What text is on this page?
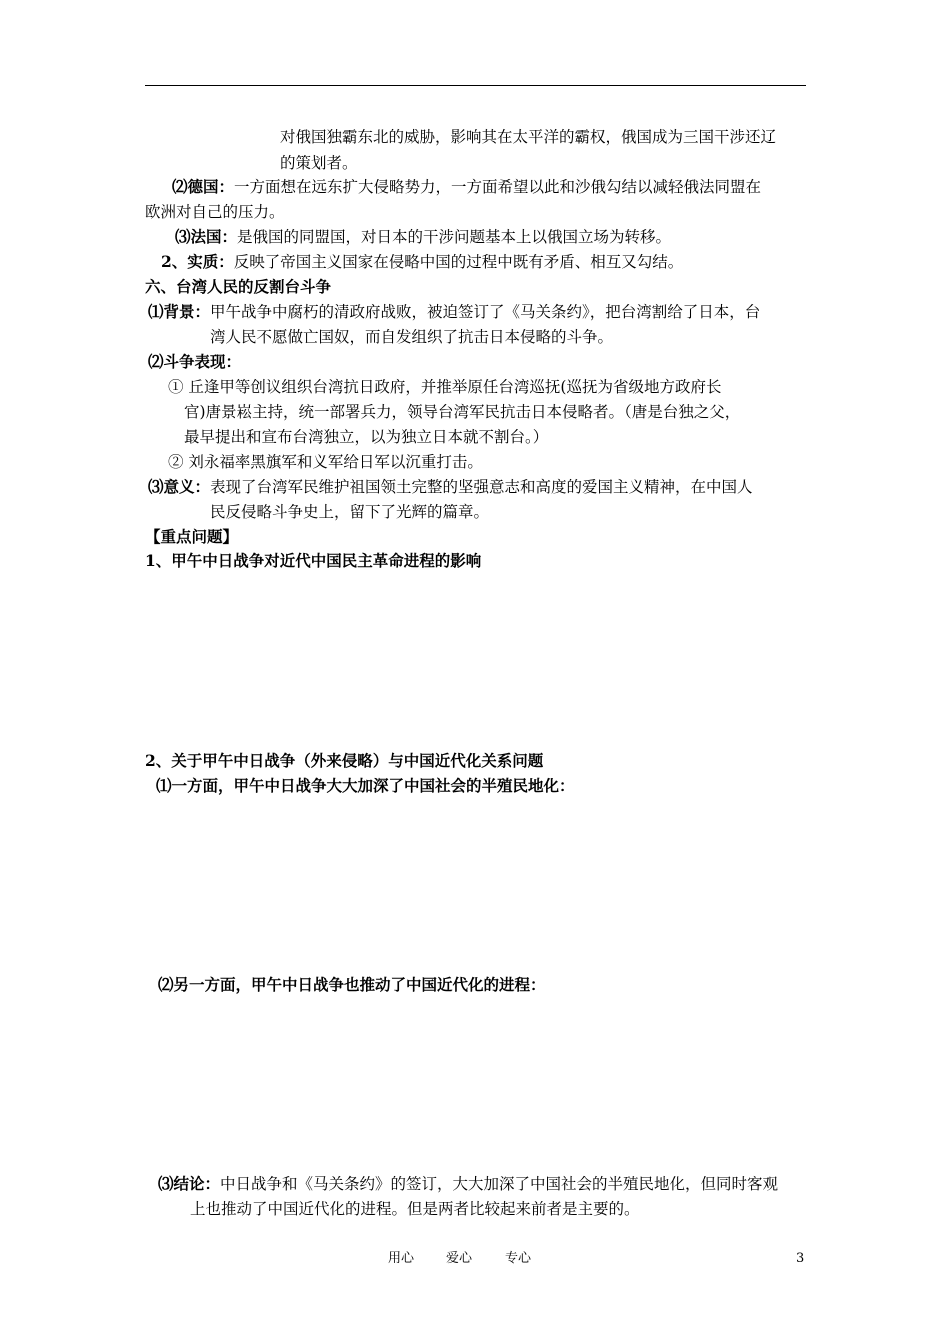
对俄国独霸东北的威胁，影响其在太平洋的霸权，俄国成为三国干涉还辽
的策划者。
⑵德国：一方面想在远东扩大侵略势力，一方面希望以此和沙俄勾结以减轻俄法同盟在
欧洲对自己的压力。
⑶法国：是俄国的同盟国，对日本的干涉问题基本上以俄国立场为转移。
2、实质：反映了帝国主义国家在侵略中国的过程中既有矛盾、相互又勾结。
六、台湾人民的反割台斗争
⑴背景：甲午战争中腐朽的清政府战败，被迫签订了《马关条约》，把台湾割给了日本，台
湾人民不愿做亡国奴，而自发组织了抗击日本侵略的斗争。
⑵斗争表现：
① 丘逢甲等创议组织台湾抗日政府，并推举原任台湾巡抚(巡抚为省级地方政府长
官)唐景崧主持，统一部署兵力，领导台湾军民抗击日本侵略者。（唐是台独之父，
最早提出和宣布台湾独立，以为独立日本就不割台。）
② 刘永福率黑旗军和义军给日军以沉重打击。
⑶意义：表现了台湾军民维护祖国领土完整的坚强意志和高度的爱国主义精神，在中国人
民反侵略斗争史上，留下了光辉的篇章。
【重点问题】
1、甲午中日战争对近代中国民主革命进程的影响
2、关于甲午中日战争（外来侵略）与中国近代化关系问题
⑴一方面，甲午中日战争大大加深了中国社会的半殖民地化：
⑵另一方面，甲午中日战争也推动了中国近代化的进程：
⑶结论：中日战争和《马关条约》的签订，大大加深了中国社会的半殖民地化，但同时客观
上也推动了中国近代化的进程。但是两者比较起来前者是主要的。
用心 爱心	专心	3
